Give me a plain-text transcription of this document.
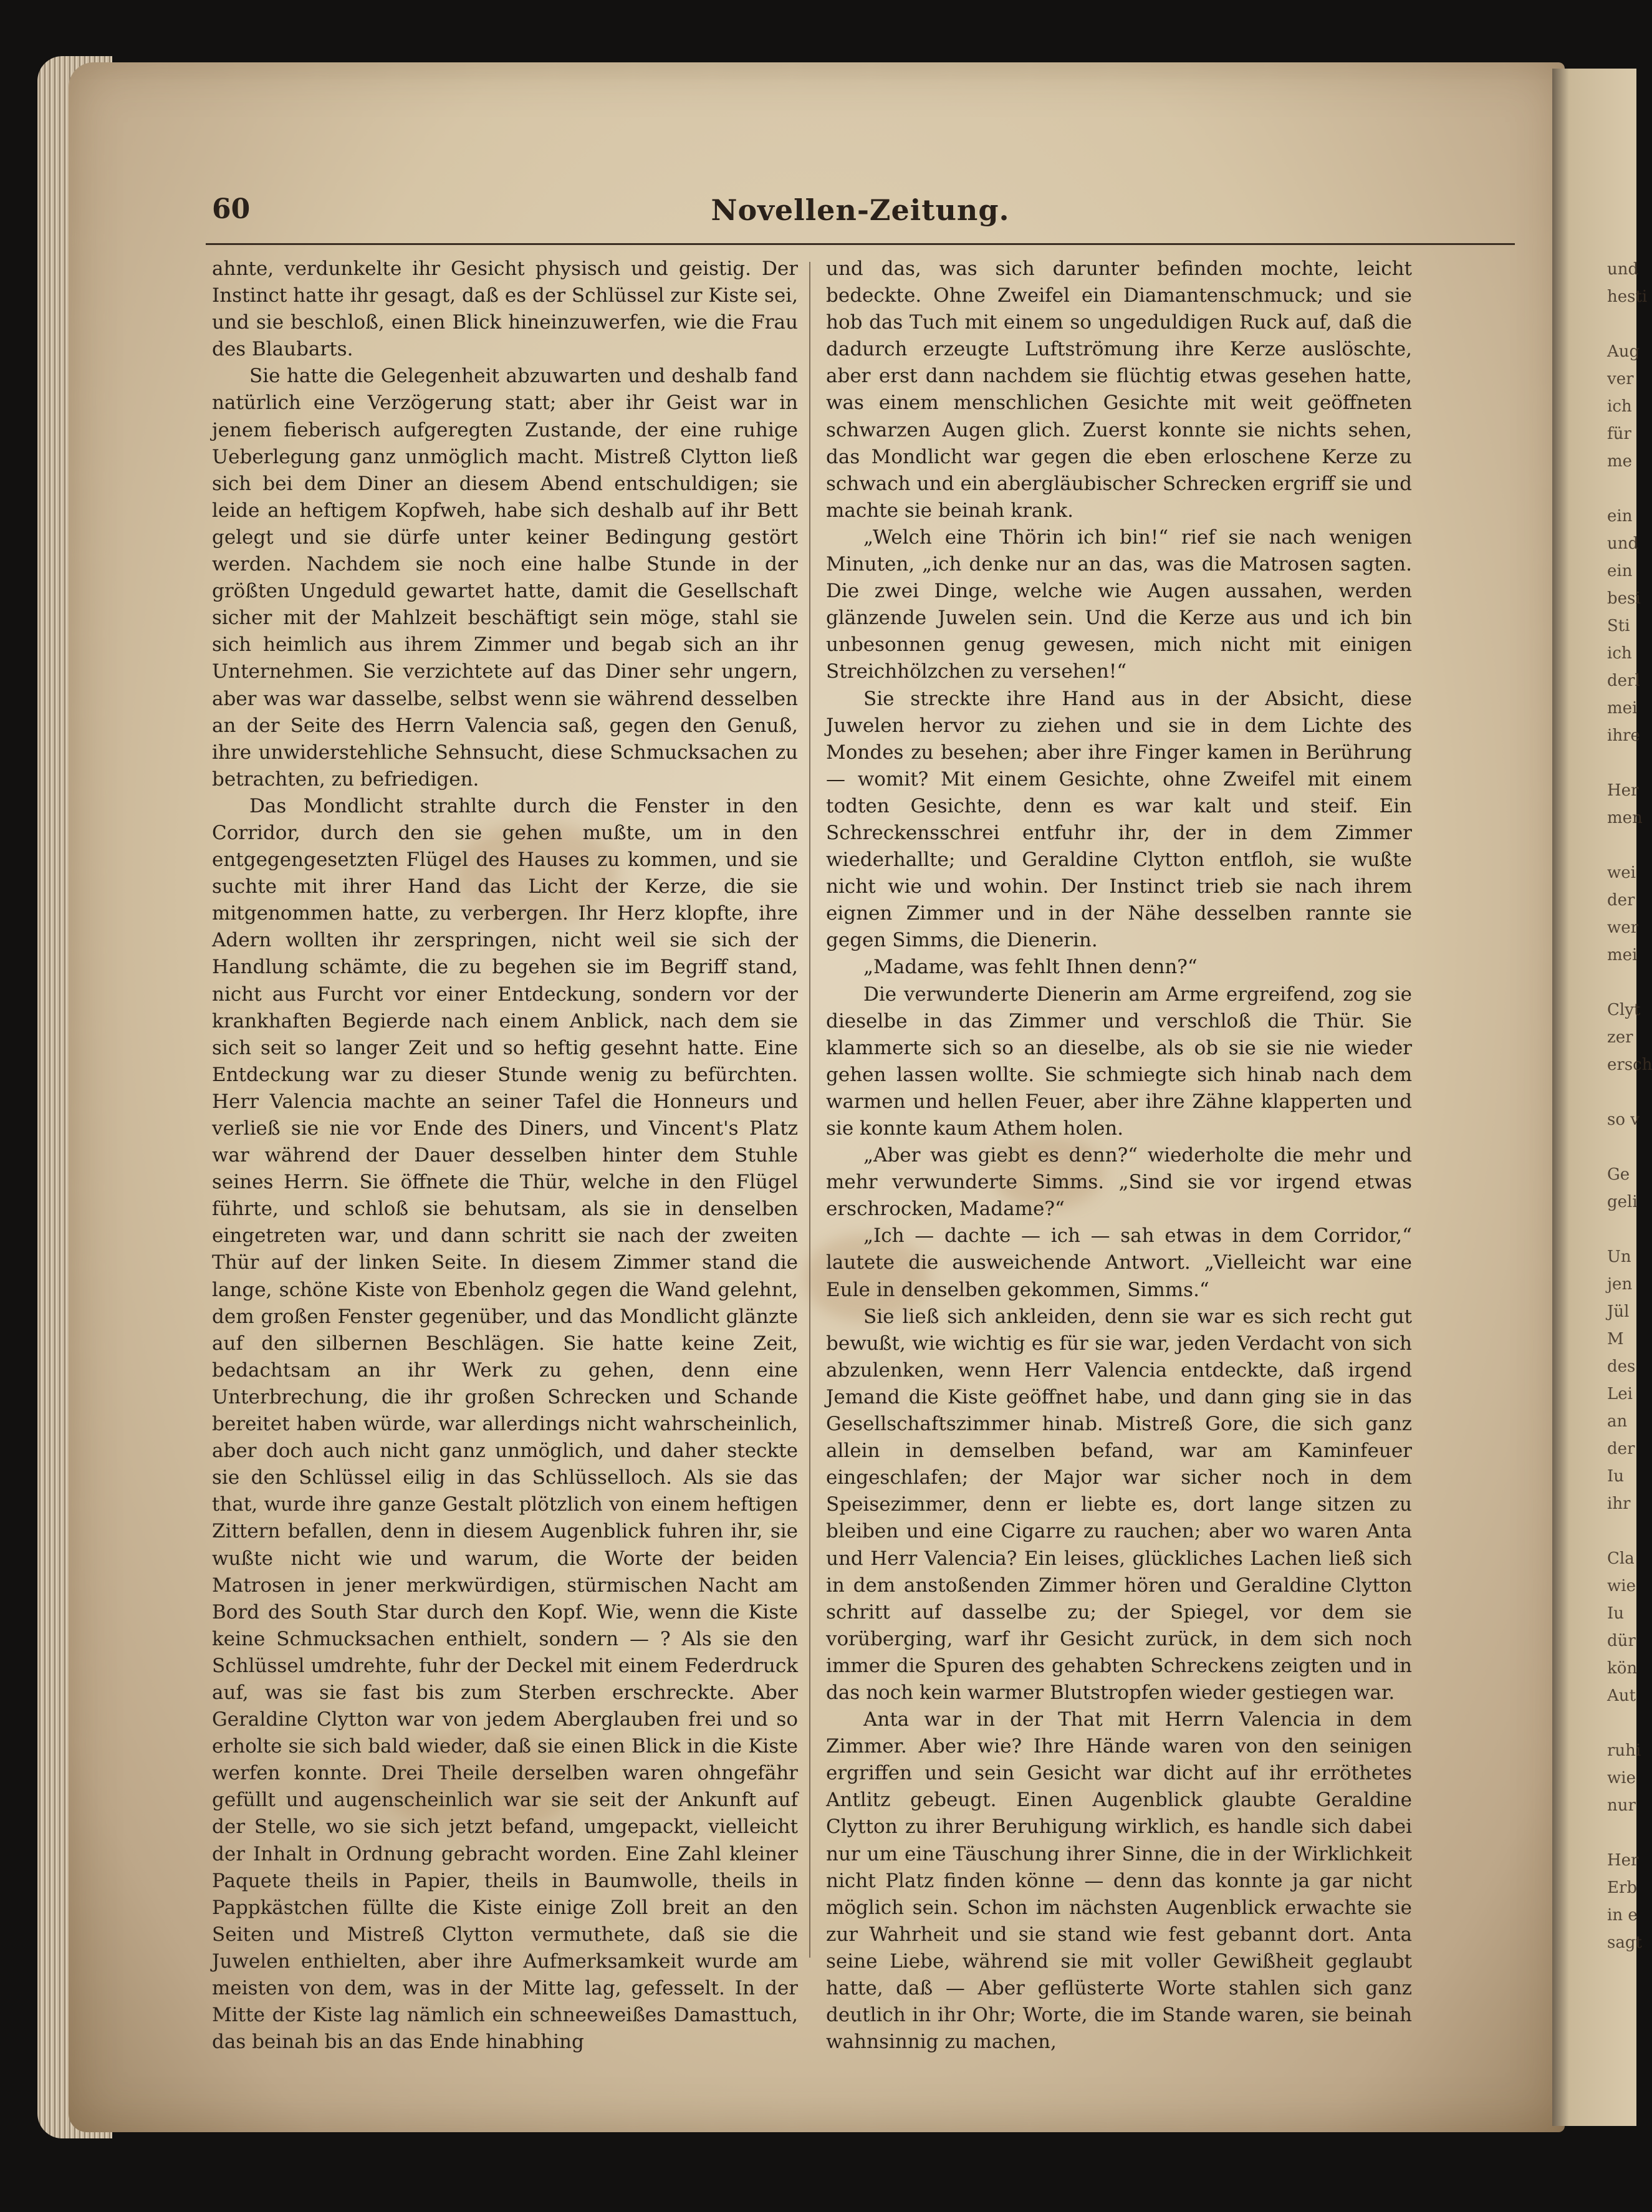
und
hesti

Aug
ver
ich
für
me

ein
und
ein
besi
Sti
ich
derl
mei
ihre

Her
men

wei
der
wer
mei

Clyt
zer
ersch

so v

Ge
geli

Un
jen
Jül
M
des
Lei
an
der
Iu
ihr

Cla
wie
Iu
dür
kön
Aut

ruhi
wie
nur

Her
Erb
in e
sagt
60	Novellen-Zeitung.

ahnte, verdunkelte ihr Gesicht physisch und geistig. Der Instinct hatte ihr gesagt, daß es der Schlüssel zur Kiste sei, und sie beschloß, einen Blick hineinzuwerfen, wie die Frau des Blaubarts.

Sie hatte die Gelegenheit abzuwarten und deshalb fand natürlich eine Verzögerung statt; aber ihr Geist war in jenem fieberisch aufgeregten Zustande, der eine ruhige Ueberlegung ganz unmöglich macht. Mistreß Clytton ließ sich bei dem Diner an diesem Abend entschuldigen; sie leide an heftigem Kopfweh, habe sich deshalb auf ihr Bett gelegt und sie dürfe unter keiner Bedingung gestört werden. Nachdem sie noch eine halbe Stunde in der größten Ungeduld gewartet hatte, damit die Gesellschaft sicher mit der Mahlzeit beschäftigt sein möge, stahl sie sich heimlich aus ihrem Zimmer und begab sich an ihr Unternehmen. Sie verzichtete auf das Diner sehr ungern, aber was war dasselbe, selbst wenn sie während desselben an der Seite des Herrn Valencia saß, gegen den Genuß, ihre unwiderstehliche Sehnsucht, diese Schmucksachen zu betrachten, zu befriedigen.

Das Mondlicht strahlte durch die Fenster in den Corridor, durch den sie gehen mußte, um in den entgegengesetzten Flügel des Hauses zu kommen, und sie suchte mit ihrer Hand das Licht der Kerze, die sie mitgenommen hatte, zu verbergen. Ihr Herz klopfte, ihre Adern wollten ihr zerspringen, nicht weil sie sich der Handlung schämte, die zu begehen sie im Begriff stand, nicht aus Furcht vor einer Entdeckung, sondern vor der krankhaften Begierde nach einem Anblick, nach dem sie sich seit so langer Zeit und so heftig gesehnt hatte. Eine Entdeckung war zu dieser Stunde wenig zu befürchten. Herr Valencia machte an seiner Tafel die Honneurs und verließ sie nie vor Ende des Diners, und Vincent's Platz war während der Dauer desselben hinter dem Stuhle seines Herrn. Sie öffnete die Thür, welche in den Flügel führte, und schloß sie behutsam, als sie in denselben eingetreten war, und dann schritt sie nach der zweiten Thür auf der linken Seite. In diesem Zimmer stand die lange, schöne Kiste von Ebenholz gegen die Wand gelehnt, dem großen Fenster gegenüber, und das Mondlicht glänzte auf den silbernen Beschlägen. Sie hatte keine Zeit, bedachtsam an ihr Werk zu gehen, denn eine Unterbrechung, die ihr großen Schrecken und Schande bereitet haben würde, war allerdings nicht wahrscheinlich, aber doch auch nicht ganz unmöglich, und daher steckte sie den Schlüssel eilig in das Schlüsselloch. Als sie das that, wurde ihre ganze Gestalt plötzlich von einem heftigen Zittern befallen, denn in diesem Augenblick fuhren ihr, sie wußte nicht wie und warum, die Worte der beiden Matrosen in jener merkwürdigen, stürmischen Nacht am Bord des South Star durch den Kopf. Wie, wenn die Kiste keine Schmucksachen enthielt, sondern — ? Als sie den Schlüssel umdrehte, fuhr der Deckel mit einem Federdruck auf, was sie fast bis zum Sterben erschreckte. Aber Geraldine Clytton war von jedem Aberglauben frei und so erholte sie sich bald wieder, daß sie einen Blick in die Kiste werfen konnte. Drei Theile derselben waren ohngefähr gefüllt und augenscheinlich war sie seit der Ankunft auf der Stelle, wo sie sich jetzt befand, umgepackt, vielleicht der Inhalt in Ordnung gebracht worden. Eine Zahl kleiner Paquete theils in Papier, theils in Baumwolle, theils in Pappkästchen füllte die Kiste einige Zoll breit an den Seiten und Mistreß Clytton vermuthete, daß sie die Juwelen enthielten, aber ihre Aufmerksamkeit wurde am meisten von dem, was in der Mitte lag, gefesselt. In der Mitte der Kiste lag nämlich ein schneeweißes Damasttuch, das beinah bis an das Ende hinabhing

und das, was sich darunter befinden mochte, leicht bedeckte. Ohne Zweifel ein Diamantenschmuck; und sie hob das Tuch mit einem so ungeduldigen Ruck auf, daß die dadurch erzeugte Luftströmung ihre Kerze auslöschte, aber erst dann nachdem sie flüchtig etwas gesehen hatte, was einem menschlichen Gesichte mit weit geöffneten schwarzen Augen glich. Zuerst konnte sie nichts sehen, das Mondlicht war gegen die eben erloschene Kerze zu schwach und ein abergläubischer Schrecken ergriff sie und machte sie beinah krank.

„Welch eine Thörin ich bin!“ rief sie nach wenigen Minuten, „ich denke nur an das, was die Matrosen sagten. Die zwei Dinge, welche wie Augen aussahen, werden glänzende Juwelen sein. Und die Kerze aus und ich bin unbesonnen genug gewesen, mich nicht mit einigen Streichhölzchen zu versehen!“

Sie streckte ihre Hand aus in der Absicht, diese Juwelen hervor zu ziehen und sie in dem Lichte des Mondes zu besehen; aber ihre Finger kamen in Berührung — womit? Mit einem Gesichte, ohne Zweifel mit einem todten Gesichte, denn es war kalt und steif. Ein Schreckensschrei entfuhr ihr, der in dem Zimmer wiederhallte; und Geraldine Clytton entfloh, sie wußte nicht wie und wohin. Der Instinct trieb sie nach ihrem eignen Zimmer und in der Nähe desselben rannte sie gegen Simms, die Dienerin.

„Madame, was fehlt Ihnen denn?“

Die verwunderte Dienerin am Arme ergreifend, zog sie dieselbe in das Zimmer und verschloß die Thür. Sie klammerte sich so an dieselbe, als ob sie sie nie wieder gehen lassen wollte. Sie schmiegte sich hinab nach dem warmen und hellen Feuer, aber ihre Zähne klapperten und sie konnte kaum Athem holen.

„Aber was giebt es denn?“ wiederholte die mehr und mehr verwunderte Simms. „Sind sie vor irgend etwas erschrocken, Madame?“

„Ich — dachte — ich — sah etwas in dem Corridor,“ lautete die ausweichende Antwort. „Vielleicht war eine Eule in denselben gekommen, Simms.“

Sie ließ sich ankleiden, denn sie war es sich recht gut bewußt, wie wichtig es für sie war, jeden Verdacht von sich abzulenken, wenn Herr Valencia entdeckte, daß irgend Jemand die Kiste geöffnet habe, und dann ging sie in das Gesellschaftszimmer hinab. Mistreß Gore, die sich ganz allein in demselben befand, war am Kaminfeuer eingeschlafen; der Major war sicher noch in dem Speisezimmer, denn er liebte es, dort lange sitzen zu bleiben und eine Cigarre zu rauchen; aber wo waren Anta und Herr Valencia? Ein leises, glückliches Lachen ließ sich in dem anstoßenden Zimmer hören und Geraldine Clytton schritt auf dasselbe zu; der Spiegel, vor dem sie vorüberging, warf ihr Gesicht zurück, in dem sich noch immer die Spuren des gehabten Schreckens zeigten und in das noch kein warmer Blutstropfen wieder gestiegen war.

Anta war in der That mit Herrn Valencia in dem Zimmer. Aber wie? Ihre Hände waren von den seinigen ergriffen und sein Gesicht war dicht auf ihr erröthetes Antlitz gebeugt. Einen Augenblick glaubte Geraldine Clytton zu ihrer Beruhigung wirklich, es handle sich dabei nur um eine Täuschung ihrer Sinne, die in der Wirklichkeit nicht Platz finden könne — denn das konnte ja gar nicht möglich sein. Schon im nächsten Augenblick erwachte sie zur Wahrheit und sie stand wie fest gebannt dort. Anta seine Liebe, während sie mit voller Gewißheit geglaubt hatte, daß — Aber geflüsterte Worte stahlen sich ganz deutlich in ihr Ohr; Worte, die im Stande waren, sie beinah wahnsinnig zu machen,
